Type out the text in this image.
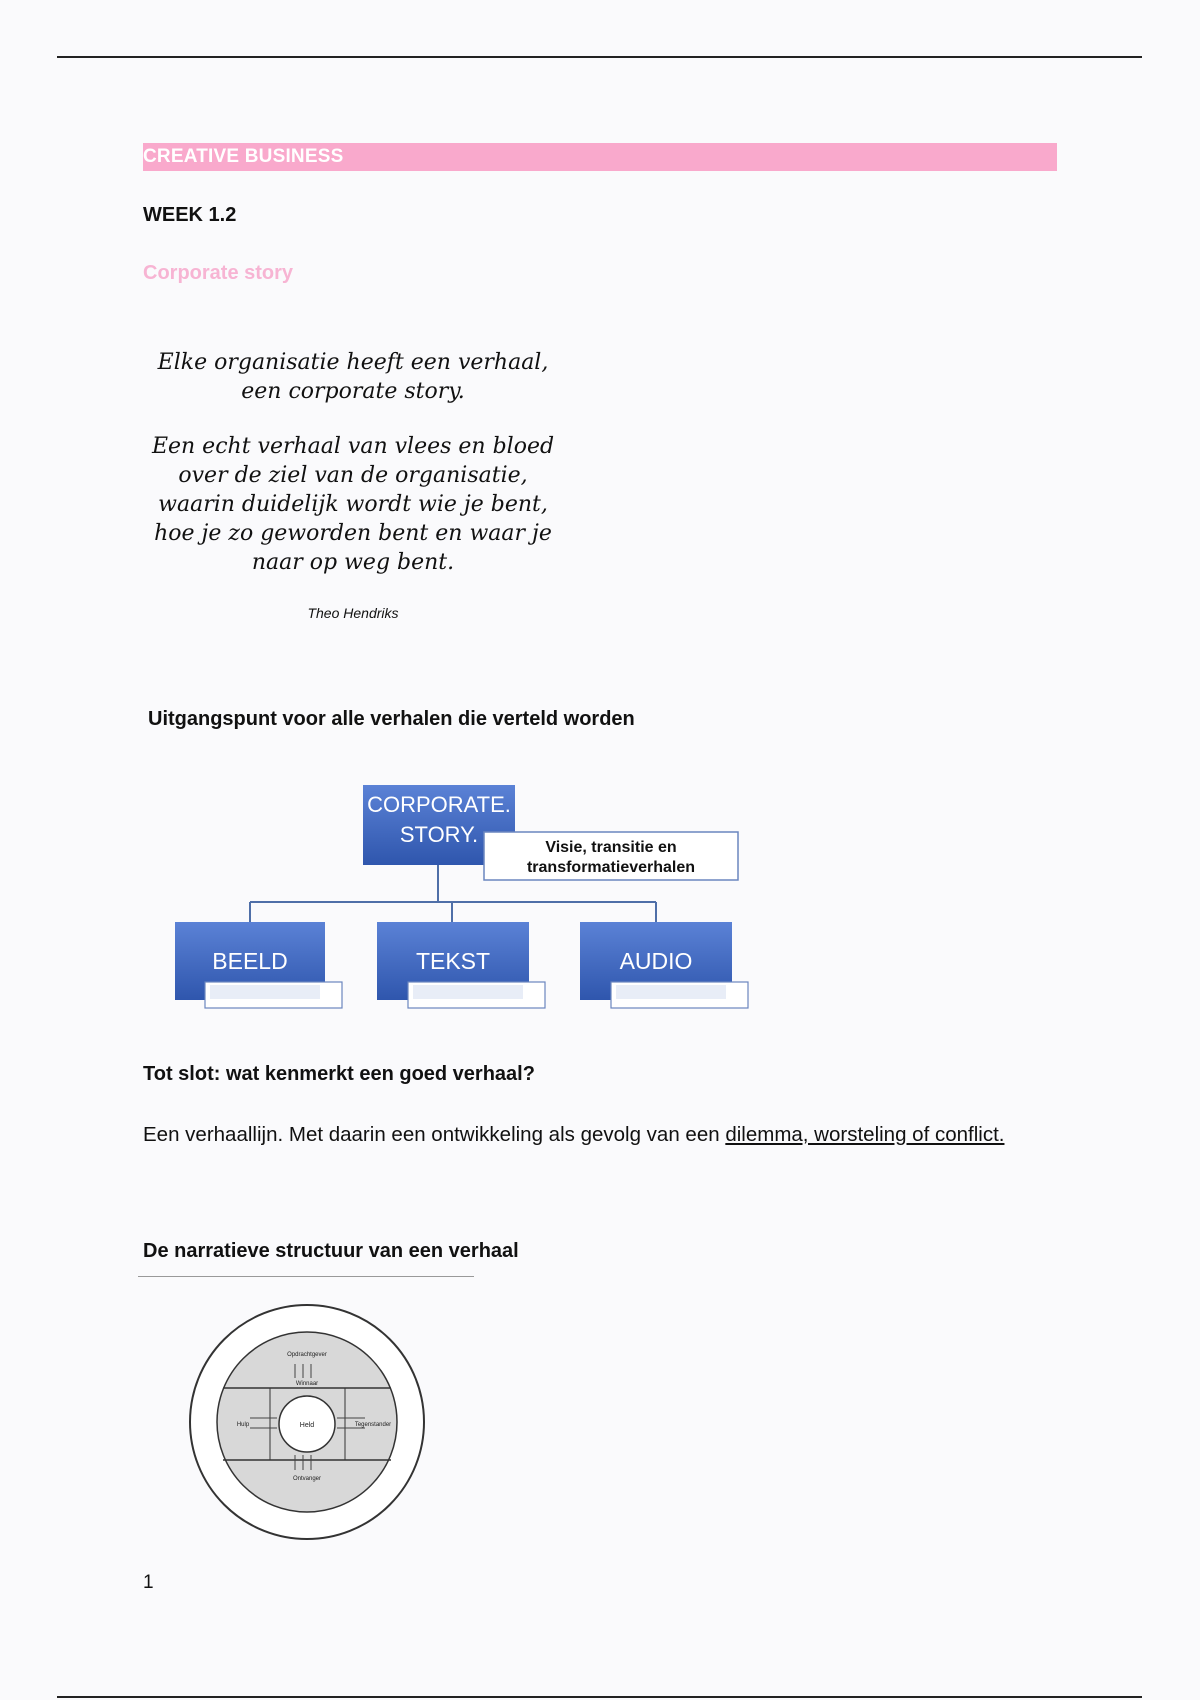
CREATIVE BUSINESS
WEEK 1.2
Corporate story

Elke organisatie heeft een verhaal, een corporate story.

Een echt verhaal van vlees en bloed over de ziel van de organisatie, waarin duidelijk wordt wie je bent, hoe je zo geworden bent en waar je naar op weg bent.

Theo Hendriks
Uitgangspunt voor alle verhalen die verteld worden
CORPORATE.
STORY.
Visie, transitie en
transformatieverhalen
BEELD	TEKST	AUDIO
Tot slot: wat kenmerkt een goed verhaal?
Een verhaallijn. Met daarin een ontwikkeling als gevolg van een dilemma, worsteling of conflict.
De narratieve structuur van een verhaal
Opdrachtgever
Winnaar
Hulp	Held	Tegenstander
Ontvanger
1
